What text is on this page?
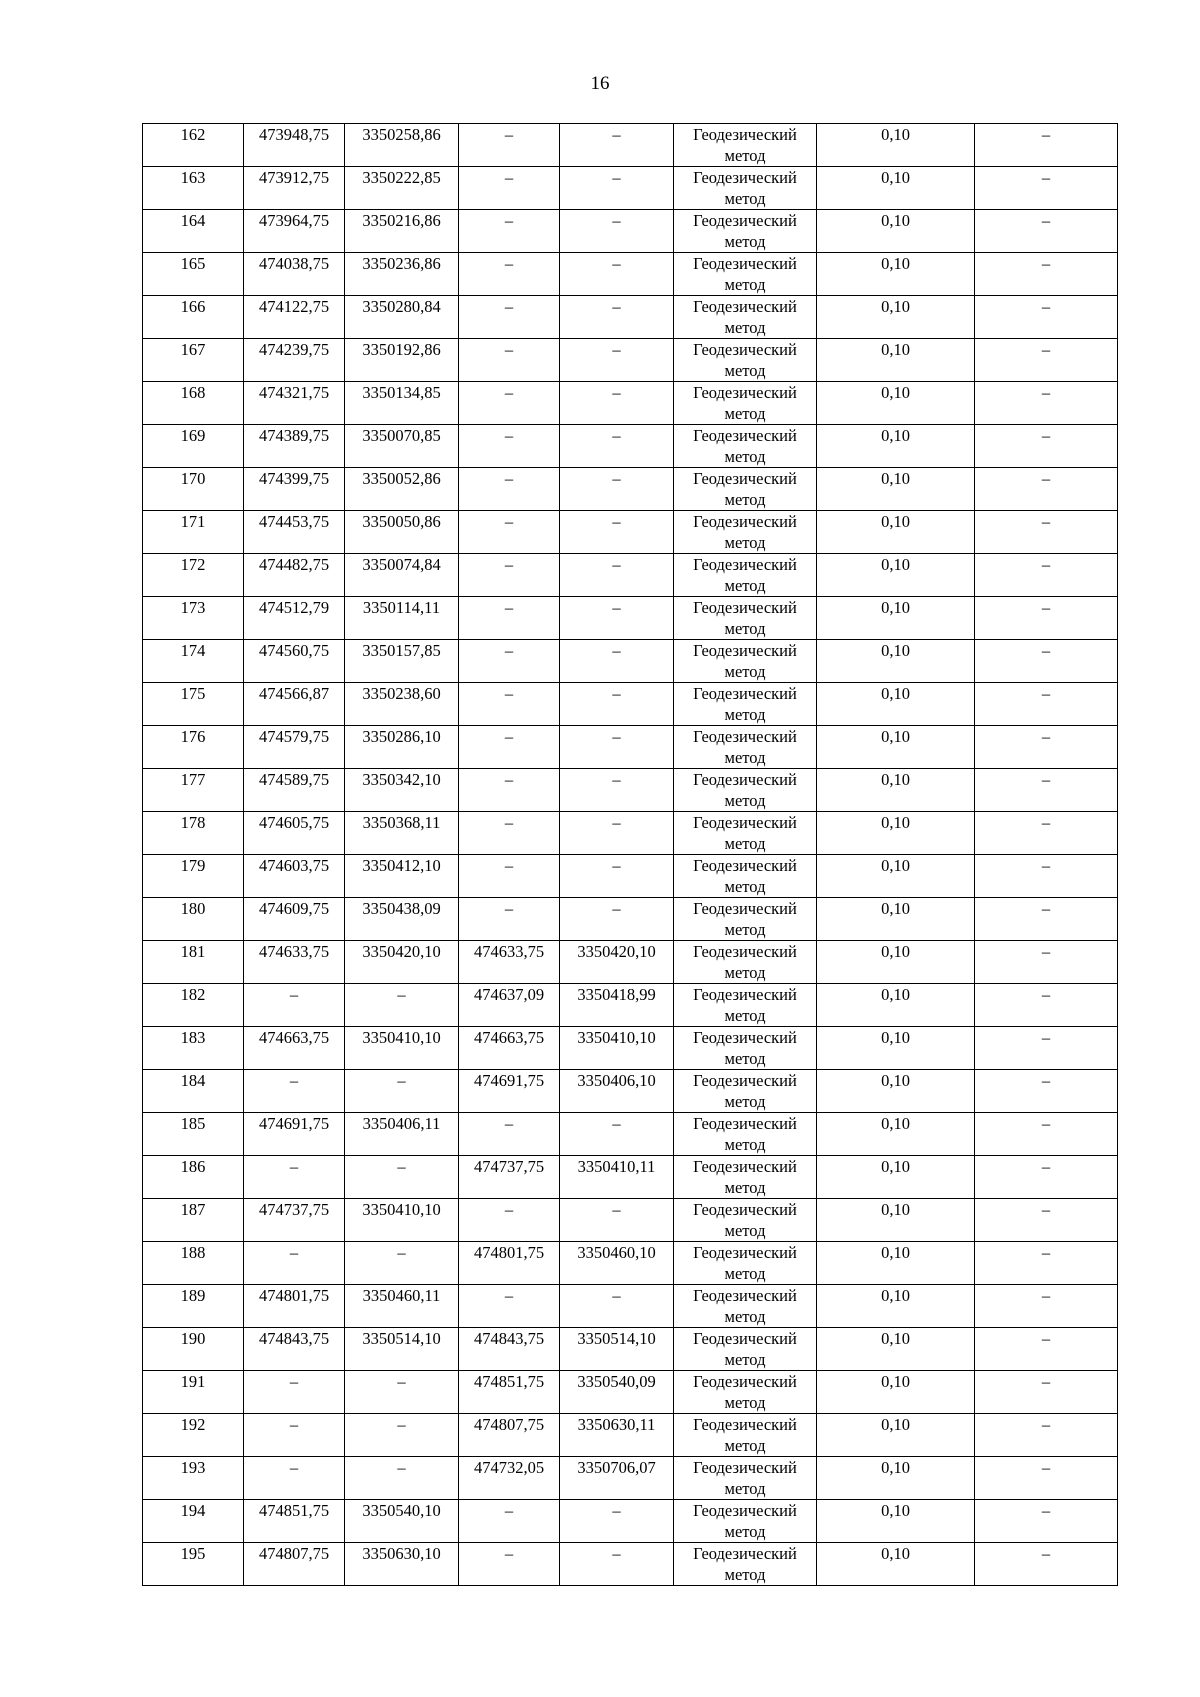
16
162	473948,75	3350258,86	–	–	Геодезический метод	0,10	–
163	473912,75	3350222,85	–	–	Геодезический метод	0,10	–
164	473964,75	3350216,86	–	–	Геодезический метод	0,10	–
165	474038,75	3350236,86	–	–	Геодезический метод	0,10	–
166	474122,75	3350280,84	–	–	Геодезический метод	0,10	–
167	474239,75	3350192,86	–	–	Геодезический метод	0,10	–
168	474321,75	3350134,85	–	–	Геодезический метод	0,10	–
169	474389,75	3350070,85	–	–	Геодезический метод	0,10	–
170	474399,75	3350052,86	–	–	Геодезический метод	0,10	–
171	474453,75	3350050,86	–	–	Геодезический метод	0,10	–
172	474482,75	3350074,84	–	–	Геодезический метод	0,10	–
173	474512,79	3350114,11	–	–	Геодезический метод	0,10	–
174	474560,75	3350157,85	–	–	Геодезический метод	0,10	–
175	474566,87	3350238,60	–	–	Геодезический метод	0,10	–
176	474579,75	3350286,10	–	–	Геодезический метод	0,10	–
177	474589,75	3350342,10	–	–	Геодезический метод	0,10	–
178	474605,75	3350368,11	–	–	Геодезический метод	0,10	–
179	474603,75	3350412,10	–	–	Геодезический метод	0,10	–
180	474609,75	3350438,09	–	–	Геодезический метод	0,10	–
181	474633,75	3350420,10	474633,75	3350420,10	Геодезический метод	0,10	–
182	–	–	474637,09	3350418,99	Геодезический метод	0,10	–
183	474663,75	3350410,10	474663,75	3350410,10	Геодезический метод	0,10	–
184	–	–	474691,75	3350406,10	Геодезический метод	0,10	–
185	474691,75	3350406,11	–	–	Геодезический метод	0,10	–
186	–	–	474737,75	3350410,11	Геодезический метод	0,10	–
187	474737,75	3350410,10	–	–	Геодезический метод	0,10	–
188	–	–	474801,75	3350460,10	Геодезический метод	0,10	–
189	474801,75	3350460,11	–	–	Геодезический метод	0,10	–
190	474843,75	3350514,10	474843,75	3350514,10	Геодезический метод	0,10	–
191	–	–	474851,75	3350540,09	Геодезический метод	0,10	–
192	–	–	474807,75	3350630,11	Геодезический метод	0,10	–
193	–	–	474732,05	3350706,07	Геодезический метод	0,10	–
194	474851,75	3350540,10	–	–	Геодезический метод	0,10	–
195	474807,75	3350630,10	–	–	Геодезический метод	0,10	–
